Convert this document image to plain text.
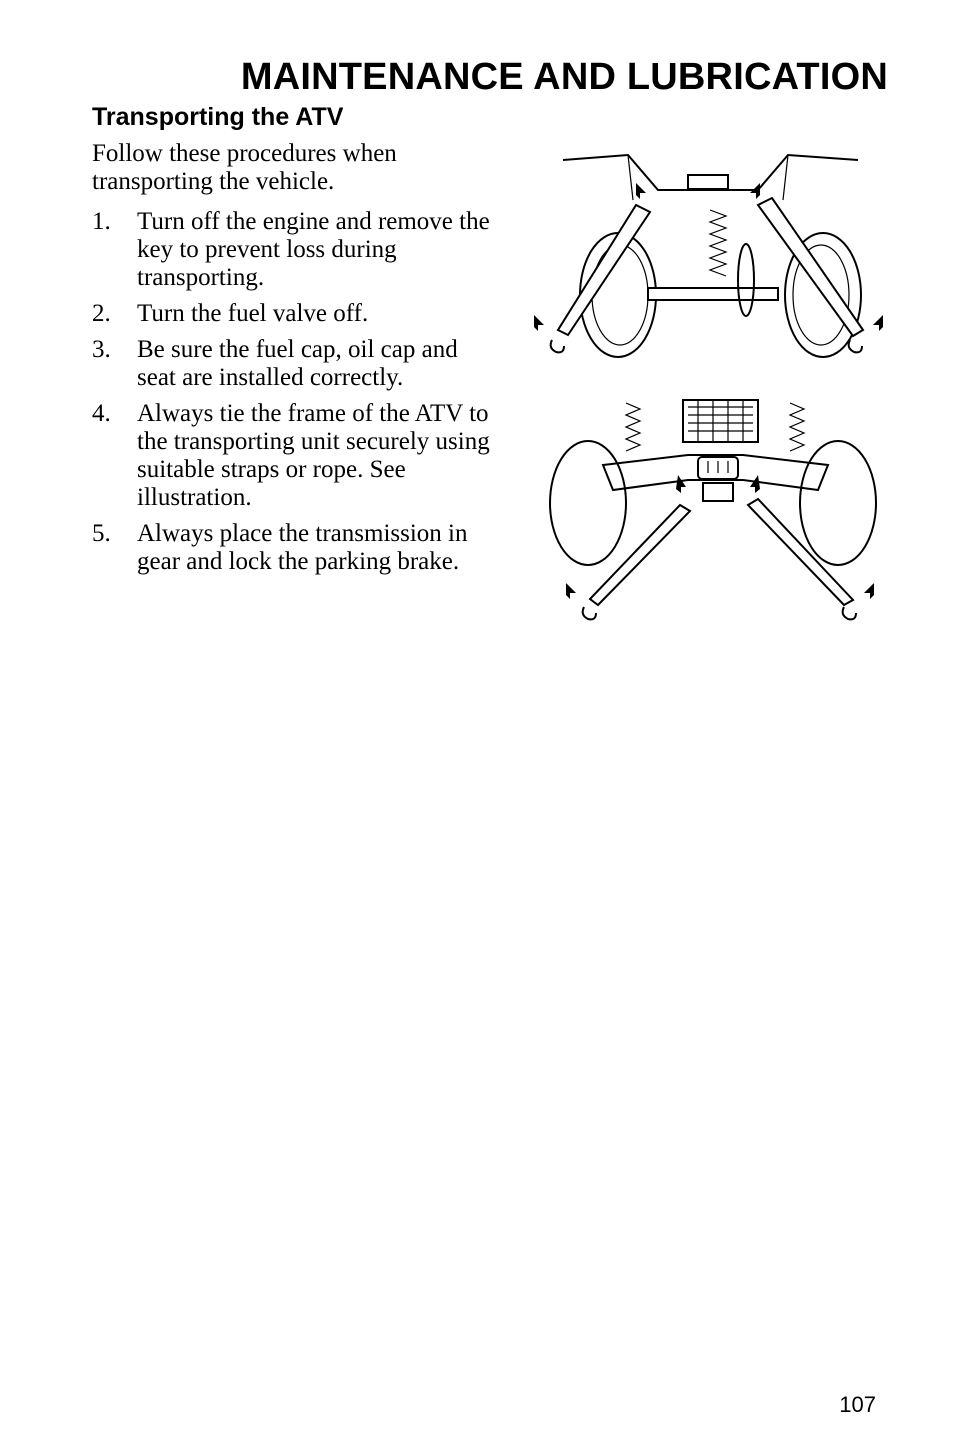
MAINTENANCE AND LUBRICATION
Transporting the ATV
Follow these procedures when transporting the vehicle.
1.	Turn off the engine and remove the key to prevent loss during transporting.
2.	Turn the fuel valve off.
3.	Be sure the fuel cap, oil cap and seat are installed correctly.
4.	Always tie the frame of the ATV to the transporting unit securely using suitable straps or rope. See illustration.
5.	Always place the transmission in gear and lock the parking brake.
107
